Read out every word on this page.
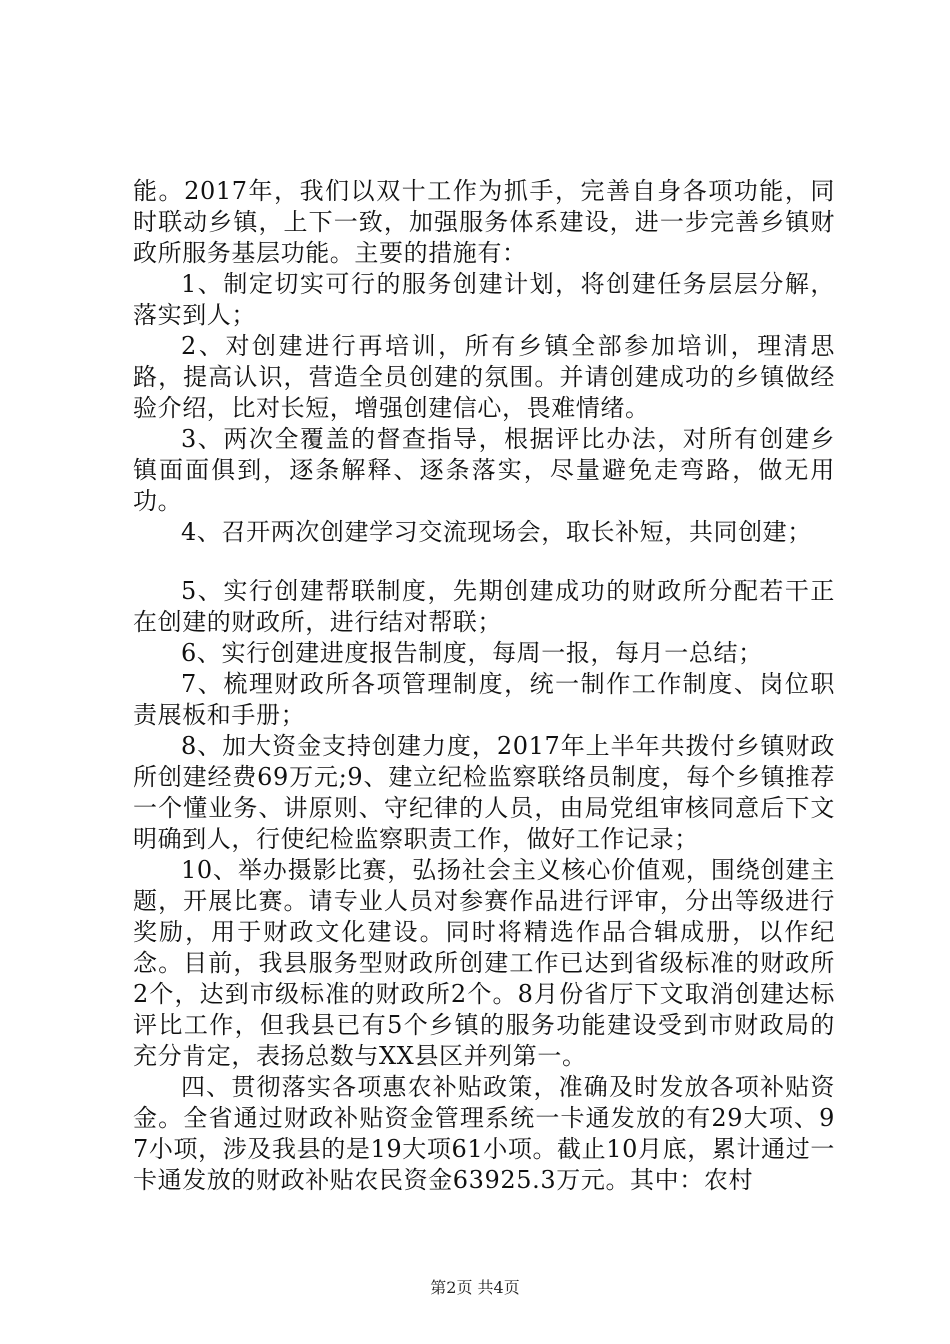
能。2017年，我们以双十工作为抓手，完善自身各项功能，同时联动乡镇，上下一致，加强服务体系建设，进一步完善乡镇财政所服务基层功能。主要的措施有：

1、制定切实可行的服务创建计划，将创建任务层层分解，落实到人；

2、对创建进行再培训，所有乡镇全部参加培训，理清思路，提高认识，营造全员创建的氛围。并请创建成功的乡镇做经验介绍，比对长短，增强创建信心，畏难情绪。

3、两次全覆盖的督查指导，根据评比办法，对所有创建乡镇面面俱到，逐条解释、逐条落实，尽量避免走弯路，做无用功。

4、召开两次创建学习交流现场会，取长补短，共同创建；

5、实行创建帮联制度，先期创建成功的财政所分配若干正在创建的财政所，进行结对帮联；

6、实行创建进度报告制度，每周一报，每月一总结；

7、梳理财政所各项管理制度，统一制作工作制度、岗位职责展板和手册；

8、加大资金支持创建力度，2017年上半年共拨付乡镇财政所创建经费69万元;9、建立纪检监察联络员制度，每个乡镇推荐一个懂业务、讲原则、守纪律的人员，由局党组审核同意后下文明确到人，行使纪检监察职责工作，做好工作记录；

10、举办摄影比赛，弘扬社会主义核心价值观，围绕创建主题，开展比赛。请专业人员对参赛作品进行评审，分出等级进行奖励，用于财政文化建设。同时将精选作品合辑成册，以作纪念。目前，我县服务型财政所创建工作已达到省级标准的财政所2个，达到市级标准的财政所2个。8月份省厅下文取消创建达标评比工作，但我县已有5个乡镇的服务功能建设受到市财政局的充分肯定，表扬总数与XX县区并列第一。

四、贯彻落实各项惠农补贴政策，准确及时发放各项补贴资金。全省通过财政补贴资金管理系统一卡通发放的有29大项、97小项，涉及我县的是19大项61小项。截止10月底，累计通过一卡通发放的财政补贴农民资金63925.3万元。其中：农村

第2页 共4页
